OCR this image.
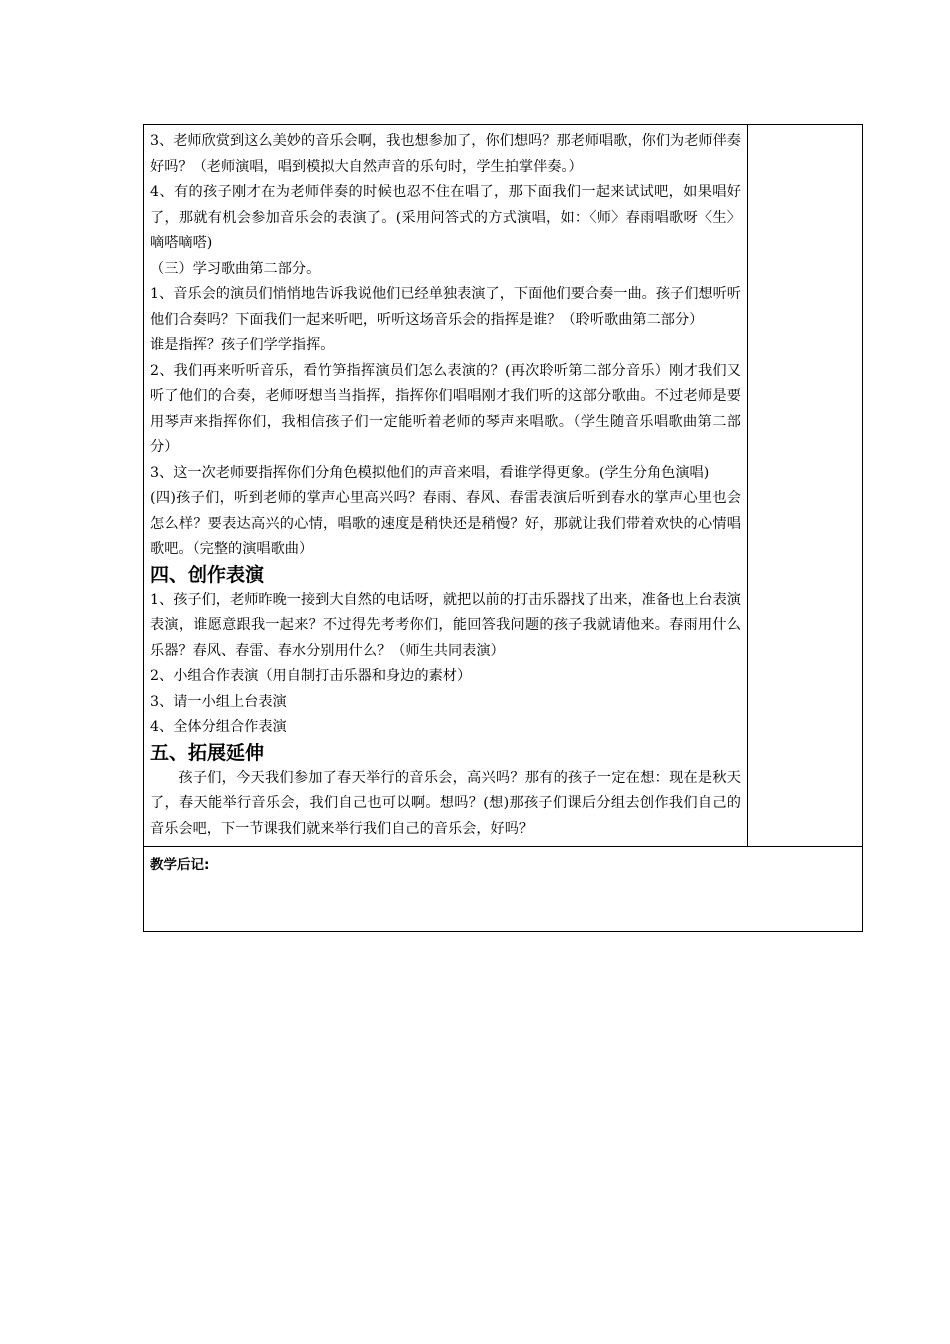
3、老师欣赏到这么美妙的音乐会啊，我也想参加了，你们想吗？那老师唱歌，你们为老师伴奏好吗？（老师演唱，唱到模拟大自然声音的乐句时，学生拍掌伴奏。）

4、有的孩子刚才在为老师伴奏的时候也忍不住在唱了，那下面我们一起来试试吧，如果唱好了，那就有机会参加音乐会的表演了。(采用问答式的方式演唱，如：〈师〉春雨唱歌呀〈生〉嘀嗒嘀嗒)

（三）学习歌曲第二部分。

1、音乐会的演员们悄悄地告诉我说他们已经单独表演了，下面他们要合奏一曲。孩子们想听听他们合奏吗？下面我们一起来听吧，听听这场音乐会的指挥是谁？（聆听歌曲第二部分）

谁是指挥？孩子们学学指挥。

2、我们再来听听音乐，看竹笋指挥演员们怎么表演的？(再次聆听第二部分音乐）刚才我们又听了他们的合奏，老师呀想当当指挥，指挥你们唱唱刚才我们听的这部分歌曲。不过老师是要用琴声来指挥你们，我相信孩子们一定能听着老师的琴声来唱歌。（学生随音乐唱歌曲第二部分）

3、这一次老师要指挥你们分角色模拟他们的声音来唱，看谁学得更象。(学生分角色演唱)

(四)孩子们，听到老师的掌声心里高兴吗？春雨、春风、春雷表演后听到春水的掌声心里也会怎么样？要表达高兴的心情，唱歌的速度是稍快还是稍慢？好，那就让我们带着欢快的心情唱歌吧。（完整的演唱歌曲）

四、创作表演

1、孩子们，老师昨晚一接到大自然的电话呀，就把以前的打击乐器找了出来，准备也上台表演表演，谁愿意跟我一起来？不过得先考考你们，能回答我问题的孩子我就请他来。春雨用什么乐器？春风、春雷、春水分别用什么？（师生共同表演）

2、小组合作表演（用自制打击乐器和身边的素材）

3、请一小组上台表演

4、全体分组合作表演

五、拓展延伸

孩子们，今天我们参加了春天举行的音乐会，高兴吗？那有的孩子一定在想：现在是秋天了，春天能举行音乐会，我们自己也可以啊。想吗？(想)那孩子们课后分组去创作我们自己的音乐会吧，下一节课我们就来举行我们自己的音乐会，好吗？

教学后记:
